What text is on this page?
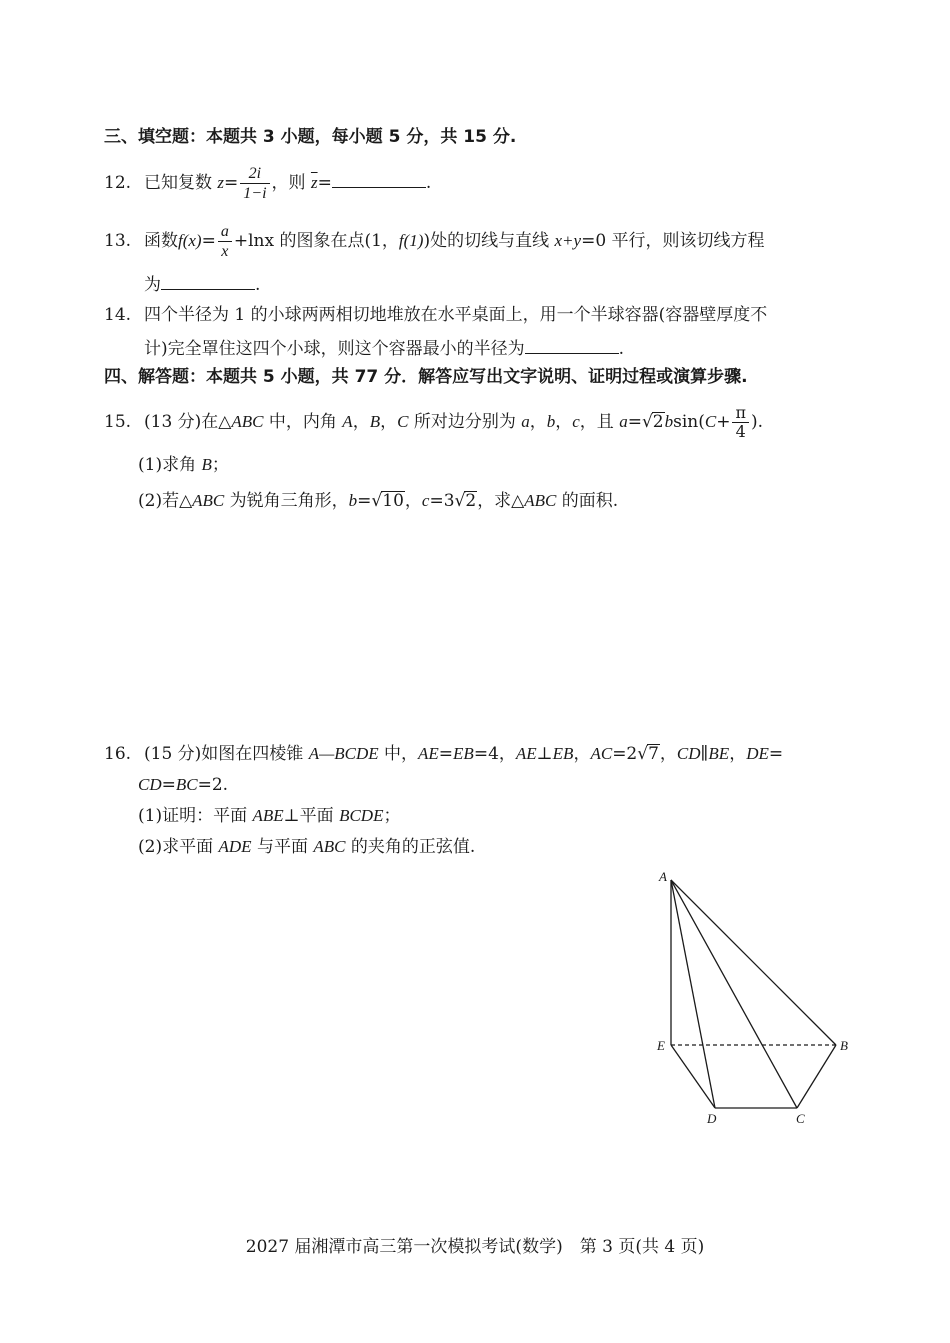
三、填空题：本题共 3 小题，每小题 5 分，共 15 分.
12. 已知复数 $z= \frac{2i}{1-i}$ ，则 $\overline{z}=$	.
13. 函数$f(x)= \frac{a}{x} +\ln x$ 的图象在点(1，f(1))处的切线与直线 x+y=0 平行，则该切线方程
为	.
14. 四个半径为 1 的小球两两相切地堆放在水平桌面上，用一个半球容器(容器壁厚度不
计)完全罩住这四个小球，则这个容器最小的半径为	.
四、解答题：本题共 5 小题，共 77 分．解答应写出文字说明、证明过程或演算步骤.
15. (13 分)在△ABC 中，内角 A，B，C 所对边分别为 a，b，c，且 $a=√2bsin(C+ \frac{\pi}{4}$ ).
(1)求角 B；
(2)若△ABC 为锐角三角形，b=√10，c=3√2，求△ABC 的面积.
16. (15 分)如图在四棱锥 A—BCDE 中，AE=EB=4，AE⊥EB，AC=2√7，CD∥BE，DE=
CD=BC=2.
(1)证明：平面 ABE⊥平面 BCDE；
(2)求平面 ADE 与平面 ABC 的夹角的正弦值.
A
E	B
D	C
2027 届湘潭市高三第一次模拟考试(数学)　第 3 页(共 4 页)
